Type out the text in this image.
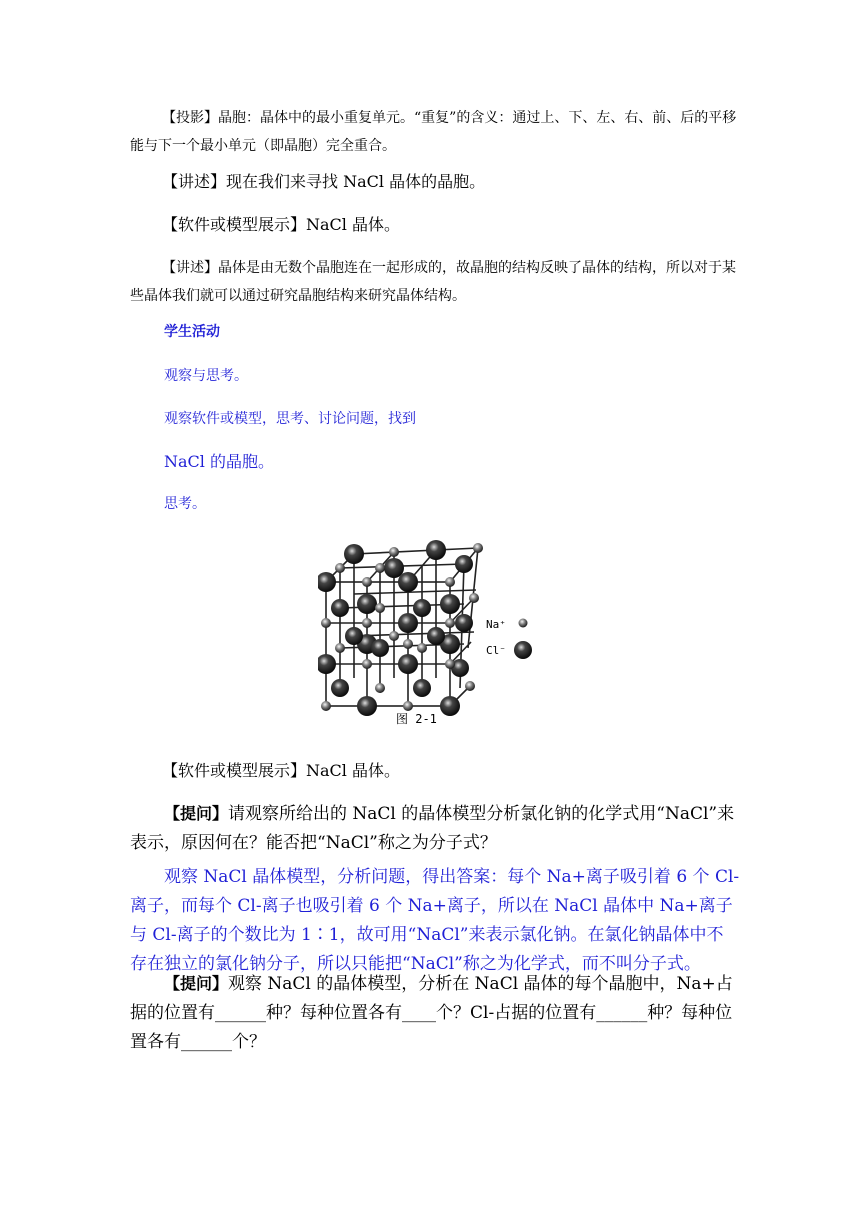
【投影】晶胞：晶体中的最小重复单元。“重复”的含义：通过上、下、左、右、前、后的平移能与下一个最小单元（即晶胞）完全重合。

【讲述】现在我们来寻找 NaCl 晶体的晶胞。

【软件或模型展示】NaCl 晶体。

【讲述】晶体是由无数个晶胞连在一起形成的，故晶胞的结构反映了晶体的结构，所以对于某些晶体我们就可以通过研究晶胞结构来研究晶体结构。

学生活动

观察与思考。

观察软件或模型，思考、讨论问题，找到

NaCl 的晶胞。

思考。

Na⁺
Cl⁻
图 2-1

【软件或模型展示】NaCl 晶体。

【提问】请观察所给出的 NaCl 的晶体模型分析氯化钠的化学式用“NaCl”来表示，原因何在？能否把“NaCl”称之为分子式？

观察 NaCl 晶体模型，分析问题，得出答案：每个 Na+离子吸引着 6 个 Cl-离子，而每个 Cl-离子也吸引着 6 个 Na+离子，所以在 NaCl 晶体中 Na+离子与 Cl-离子的个数比为 1∶1，故可用“NaCl”来表示氯化钠。在氯化钠晶体中不存在独立的氯化钠分子，所以只能把“NaCl”称之为化学式，而不叫分子式。

【提问】观察 NaCl 的晶体模型，分析在 NaCl 晶体的每个晶胞中，Na+占据的位置有______种？每种位置各有____个？Cl-占据的位置有______种？每种位置各有______个？
